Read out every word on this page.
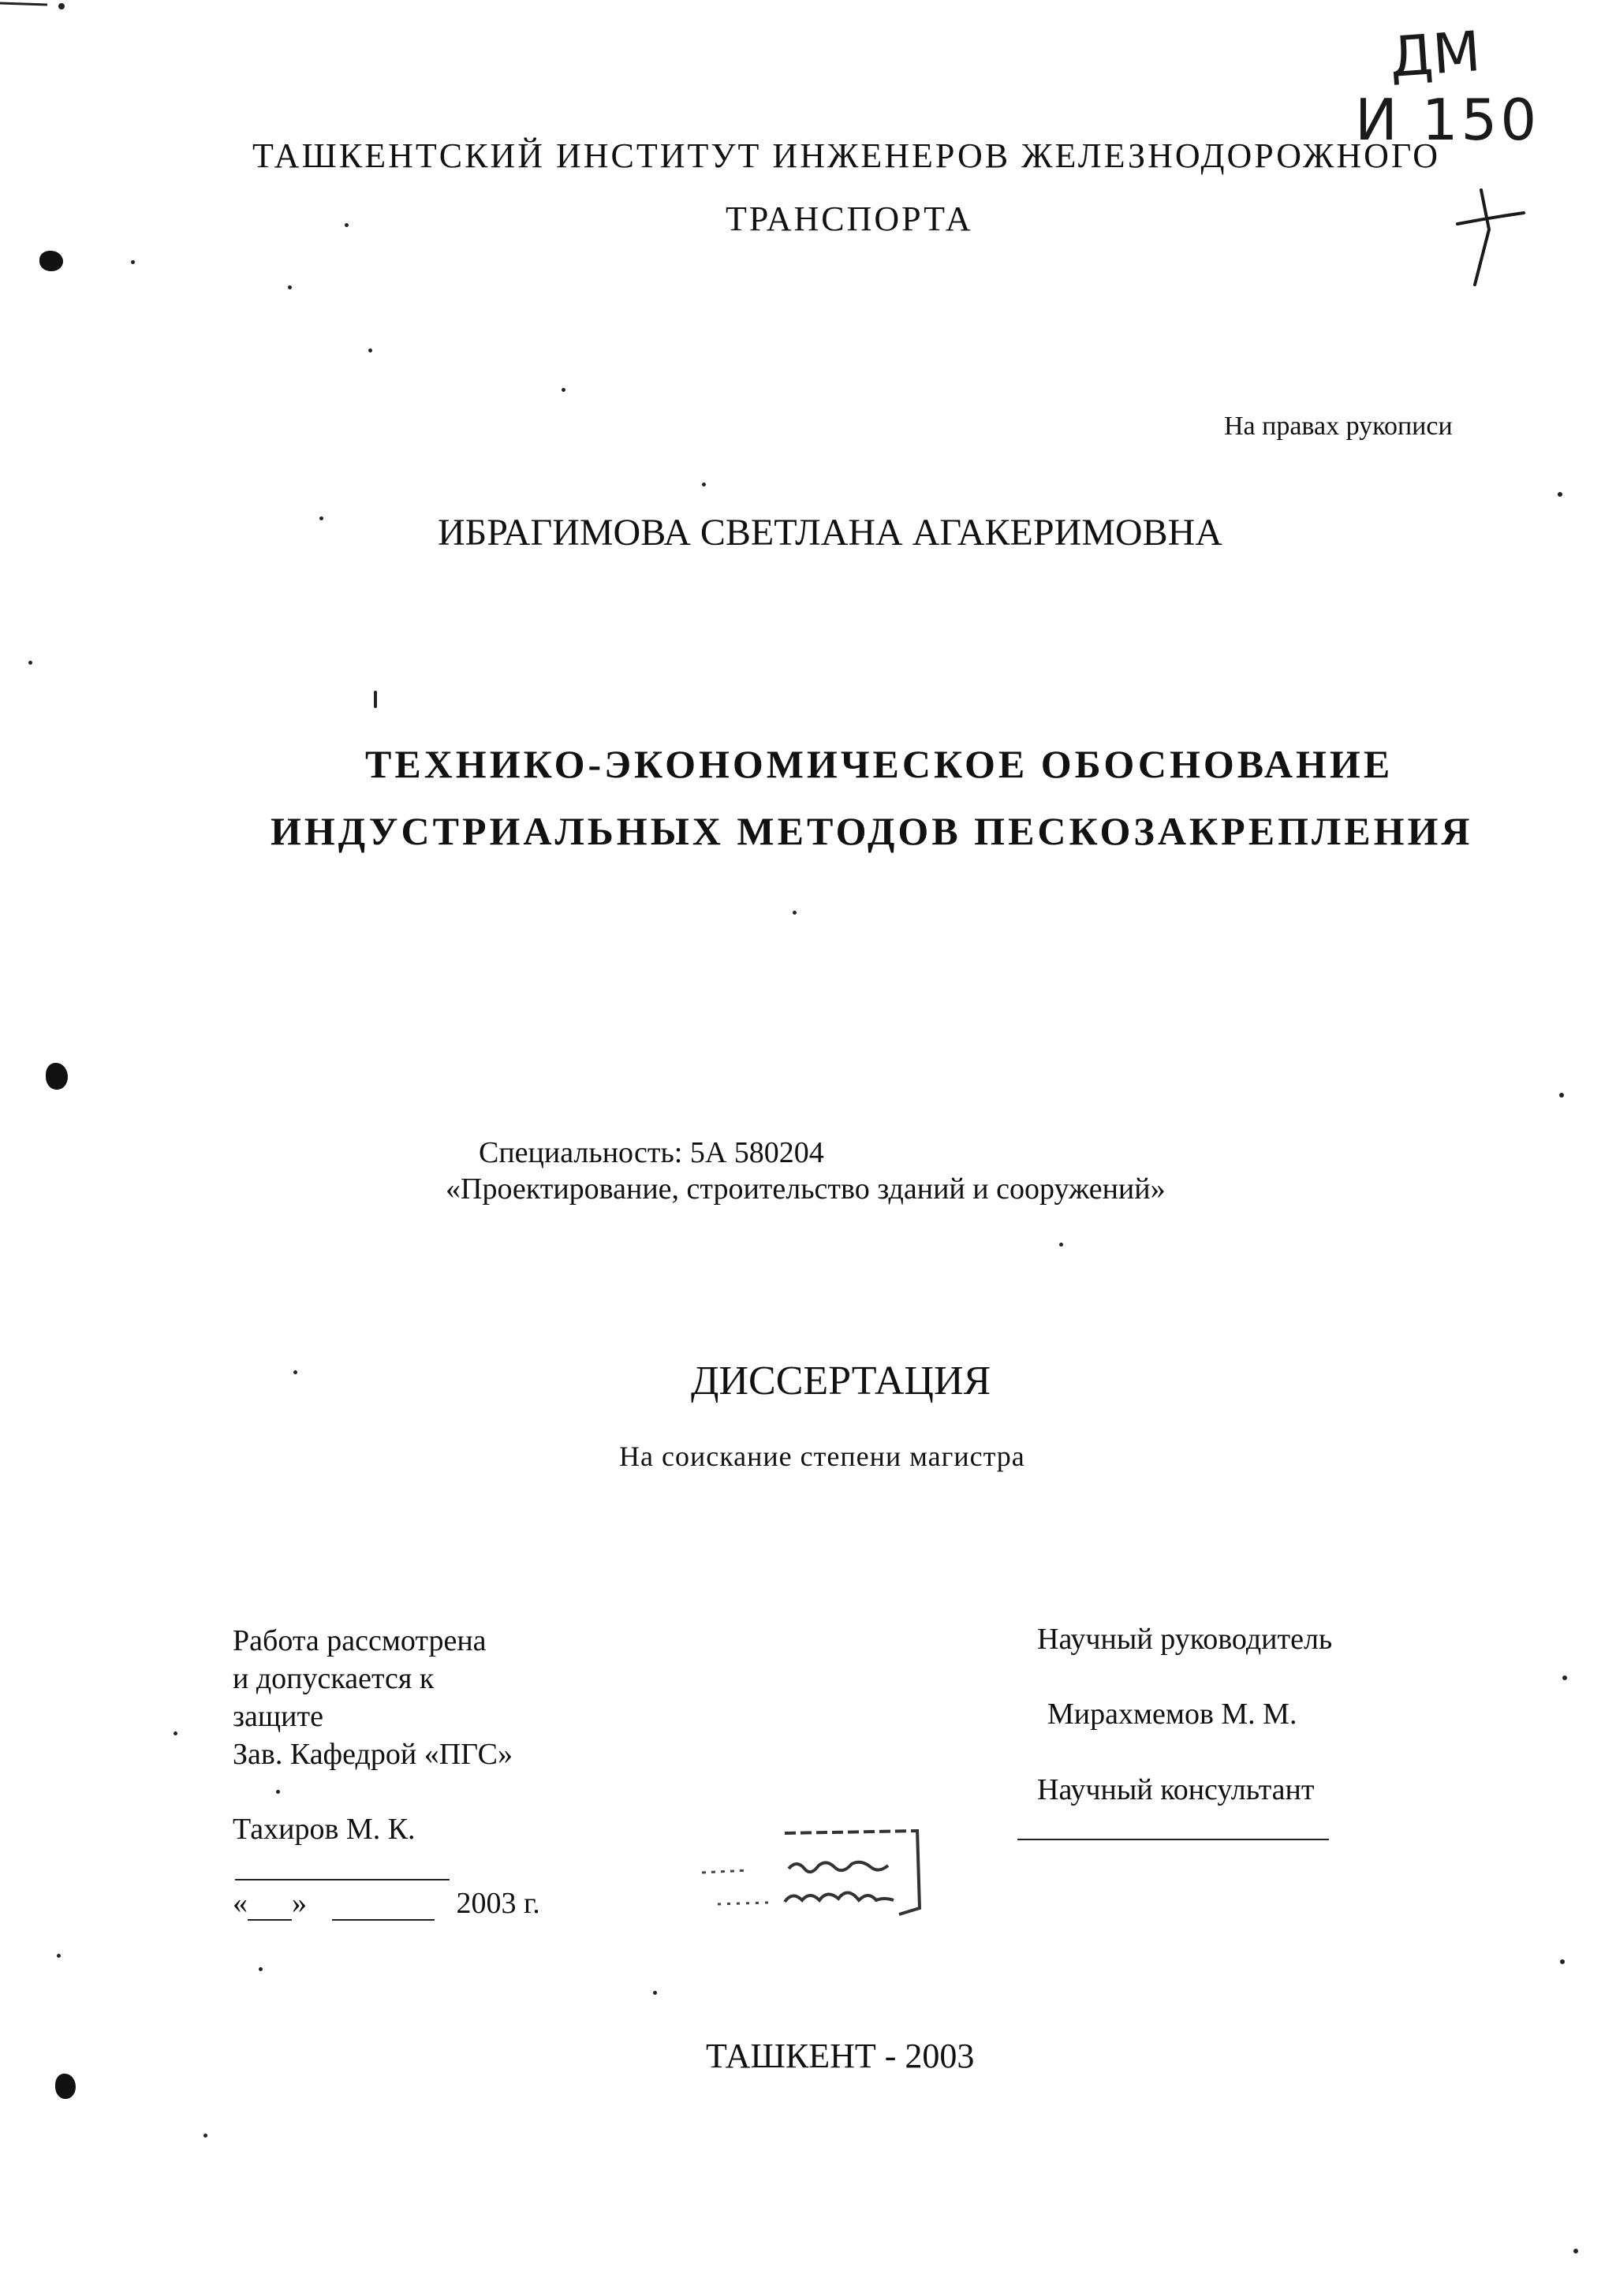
ТАШКЕНТСКИЙ ИНСТИТУТ ИНЖЕНЕРОВ ЖЕЛЕЗНОДОРОЖНОГО
ТРАНСПОРТА
ДМ
И 150
На правах рукописи
ИБРАГИМОВА СВЕТЛАНА АГАКЕРИМОВНА
ТЕХНИКО-ЭКОНОМИЧЕСКОЕ ОБОСНОВАНИЕ
ИНДУСТРИАЛЬНЫХ МЕТОДОВ ПЕСКОЗАКРЕПЛЕНИЯ
Специальность: 5А 580204
«Проектирование, строительство зданий и сооружений»
ДИССЕРТАЦИЯ
На соискание степени магистра
Работа рассмотрена
и допускается к
защите
Зав. Кафедрой «ПГС»
Тахиров М. К.
« »	2003 г.
Научный руководитель
Мирахмемов М. М.
Научный консультант
ТАШКЕНТ - 2003
